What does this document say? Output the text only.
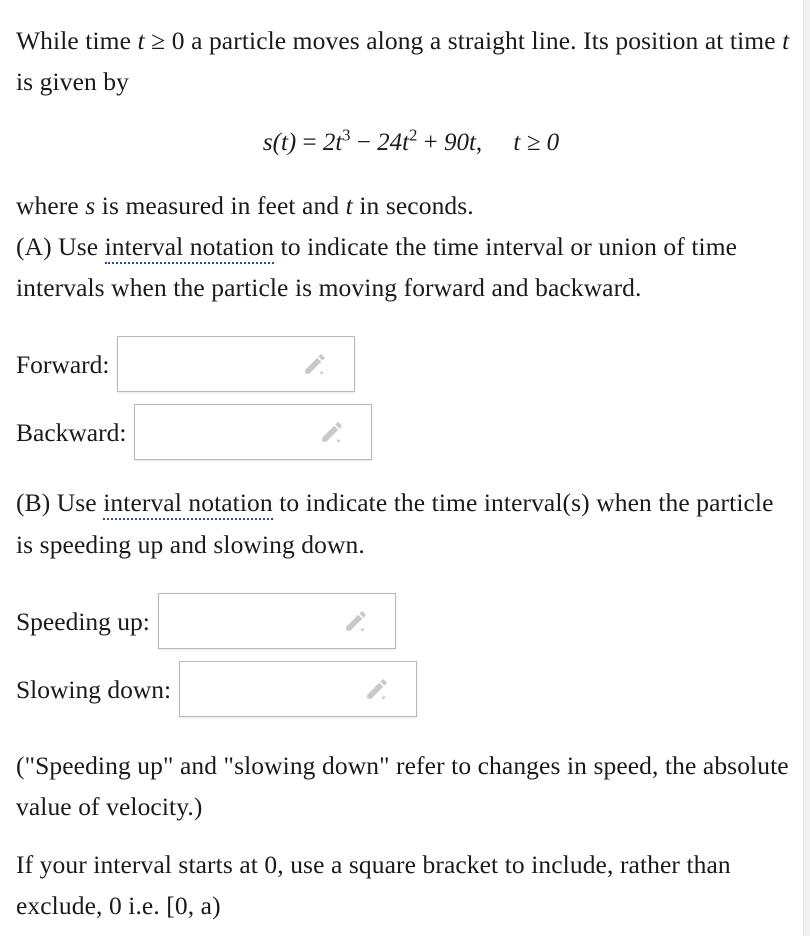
While time t ≥ 0 a particle moves along a straight line. Its position at time t is given by

$s(t) = 2t^3 - 24t^2 + 90t$, t ≥ 0

where s is measured in feet and t in seconds.

(A) Use interval notation to indicate the time interval or union of time intervals when the particle is moving forward and backward.

Forward:
Backward:

(B) Use interval notation to indicate the time interval(s) when the particle is speeding up and slowing down.

Speeding up:
Slowing down:

("Speeding up" and "slowing down" refer to changes in speed, the absolute value of velocity.)

If your interval starts at 0, use a square bracket to include, rather than exclude, 0 i.e. [0, a)
